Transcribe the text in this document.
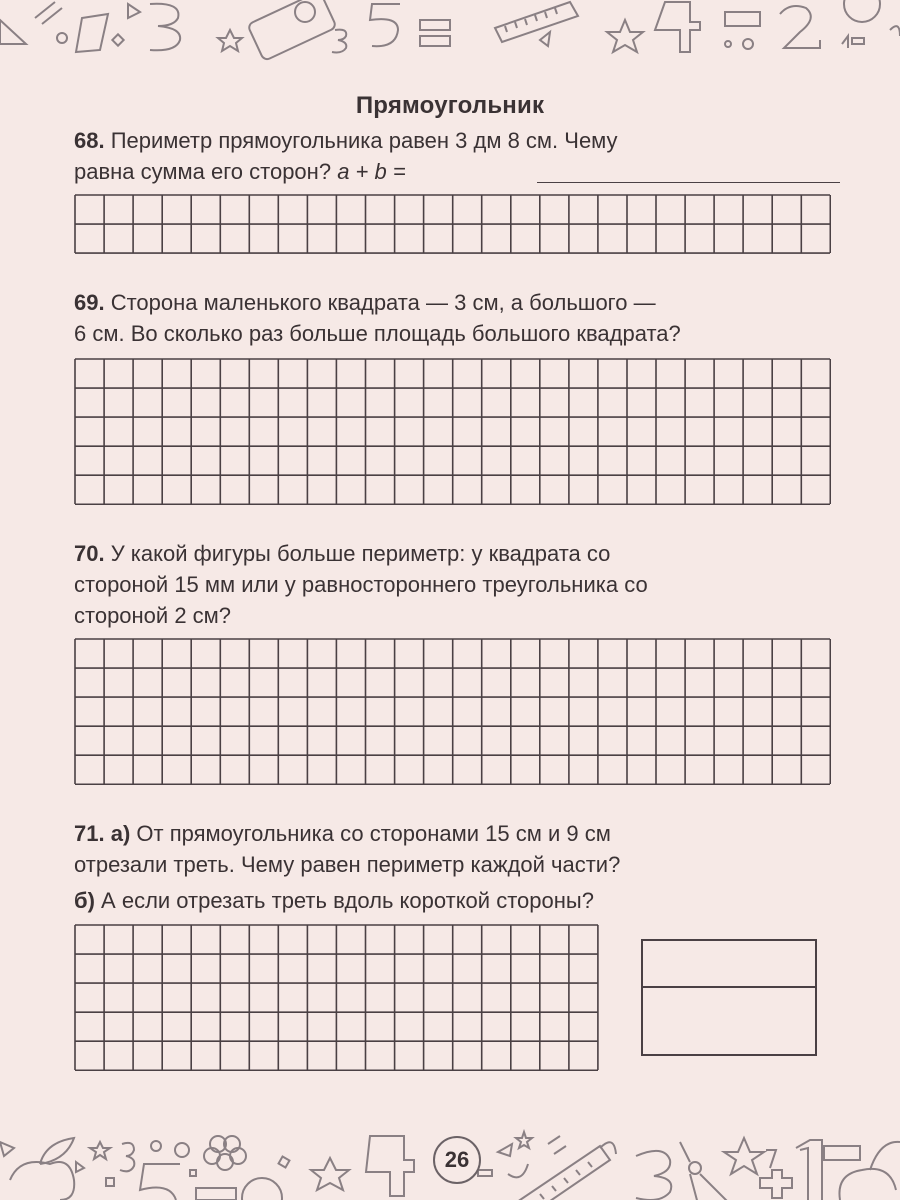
Прямоугольник
68. Периметр прямоугольника равен 3 дм 8 см. Чему
равна сумма его сторон? a + b =
69. Сторона маленького квадрата — 3 см, а большого —
6 см. Во сколько раз больше площадь большого квадрата?
70. У какой фигуры больше периметр: у квадрата со
стороной 15 мм или у равностороннего треугольника со
стороной 2 см?
71. а) От прямоугольника со сторонами 15 см и 9 см
отрезали треть. Чему равен периметр каждой части?
б) А если отрезать треть вдоль короткой стороны?
26
